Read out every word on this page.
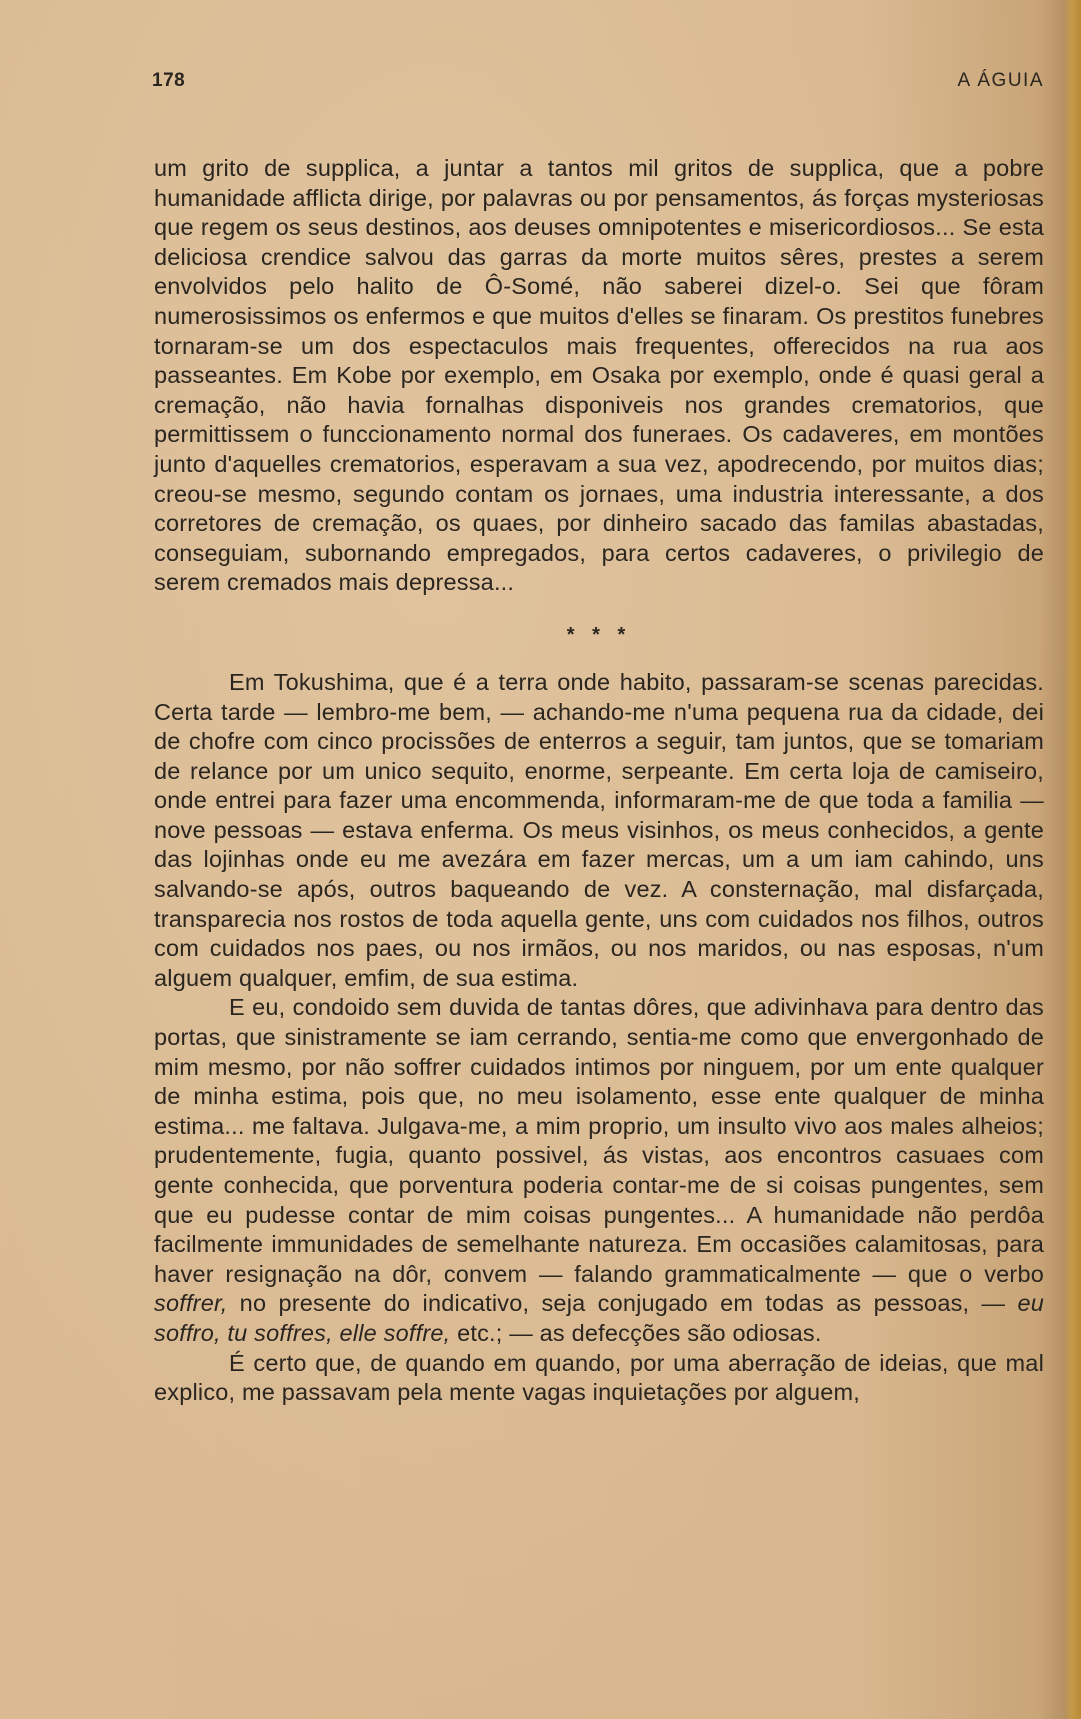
178	A ÁGUIA

um grito de supplica, a juntar a tantos mil gritos de supplica, que a pobre humanidade afflicta dirige, por palavras ou por pensamentos, ás forças mysteriosas que regem os seus destinos, aos deuses omnipotentes e misericordiosos... Se esta deliciosa crendice salvou das garras da morte muitos sêres, prestes a serem envolvidos pelo halito de Ô-Somé, não saberei dizel-o. Sei que fôram numerosissimos os enfermos e que muitos d'elles se finaram. Os prestitos funebres tornaram-se um dos espectaculos mais frequentes, offerecidos na rua aos passeantes. Em Kobe por exemplo, em Osaka por exemplo, onde é quasi geral a cremação, não havia fornalhas disponiveis nos grandes crematorios, que permittissem o funccionamento normal dos funeraes. Os cadaveres, em montões junto d'aquelles crematorios, esperavam a sua vez, apodrecendo, por muitos dias; creou-se mesmo, segundo contam os jornaes, uma industria interessante, a dos corretores de cremação, os quaes, por dinheiro sacado das familas abastadas, conseguiam, subornando empregados, para certos cadaveres, o privilegio de serem cremados mais depressa...

* * *

Em Tokushima, que é a terra onde habito, passaram-se scenas parecidas. Certa tarde — lembro-me bem, — achando-me n'uma pequena rua da cidade, dei de chofre com cinco procissões de enterros a seguir, tam juntos, que se tomariam de relance por um unico sequito, enorme, serpeante. Em certa loja de camiseiro, onde entrei para fazer uma encommenda, informaram-me de que toda a familia — nove pessoas — estava enferma. Os meus visinhos, os meus conhecidos, a gente das lojinhas onde eu me avezára em fazer mercas, um a um iam cahindo, uns salvando-se após, outros baqueando de vez. A consternação, mal disfarçada, transparecia nos rostos de toda aquella gente, uns com cuidados nos filhos, outros com cuidados nos paes, ou nos irmãos, ou nos maridos, ou nas esposas, n'um alguem qualquer, emfim, de sua estima.

E eu, condoido sem duvida de tantas dôres, que adivinhava para dentro das portas, que sinistramente se iam cerrando, sentia-me como que envergonhado de mim mesmo, por não soffrer cuidados intimos por ninguem, por um ente qualquer de minha estima, pois que, no meu isolamento, esse ente qualquer de minha estima... me faltava. Julgava-me, a mim proprio, um insulto vivo aos males alheios; prudentemente, fugia, quanto possivel, ás vistas, aos encontros casuaes com gente conhecida, que porventura poderia contar-me de si coisas pungentes, sem que eu pudesse contar de mim coisas pungentes... A humanidade não perdôa facilmente immunidades de semelhante natureza. Em occasiões calamitosas, para haver resignação na dôr, convem — falando grammaticalmente — que o verbo soffrer, no presente do indicativo, seja conjugado em todas as pessoas, — eu soffro, tu soffres, elle soffre, etc.; — as defecções são odiosas.

É certo que, de quando em quando, por uma aberração de ideias, que mal explico, me passavam pela mente vagas inquietações por alguem,
